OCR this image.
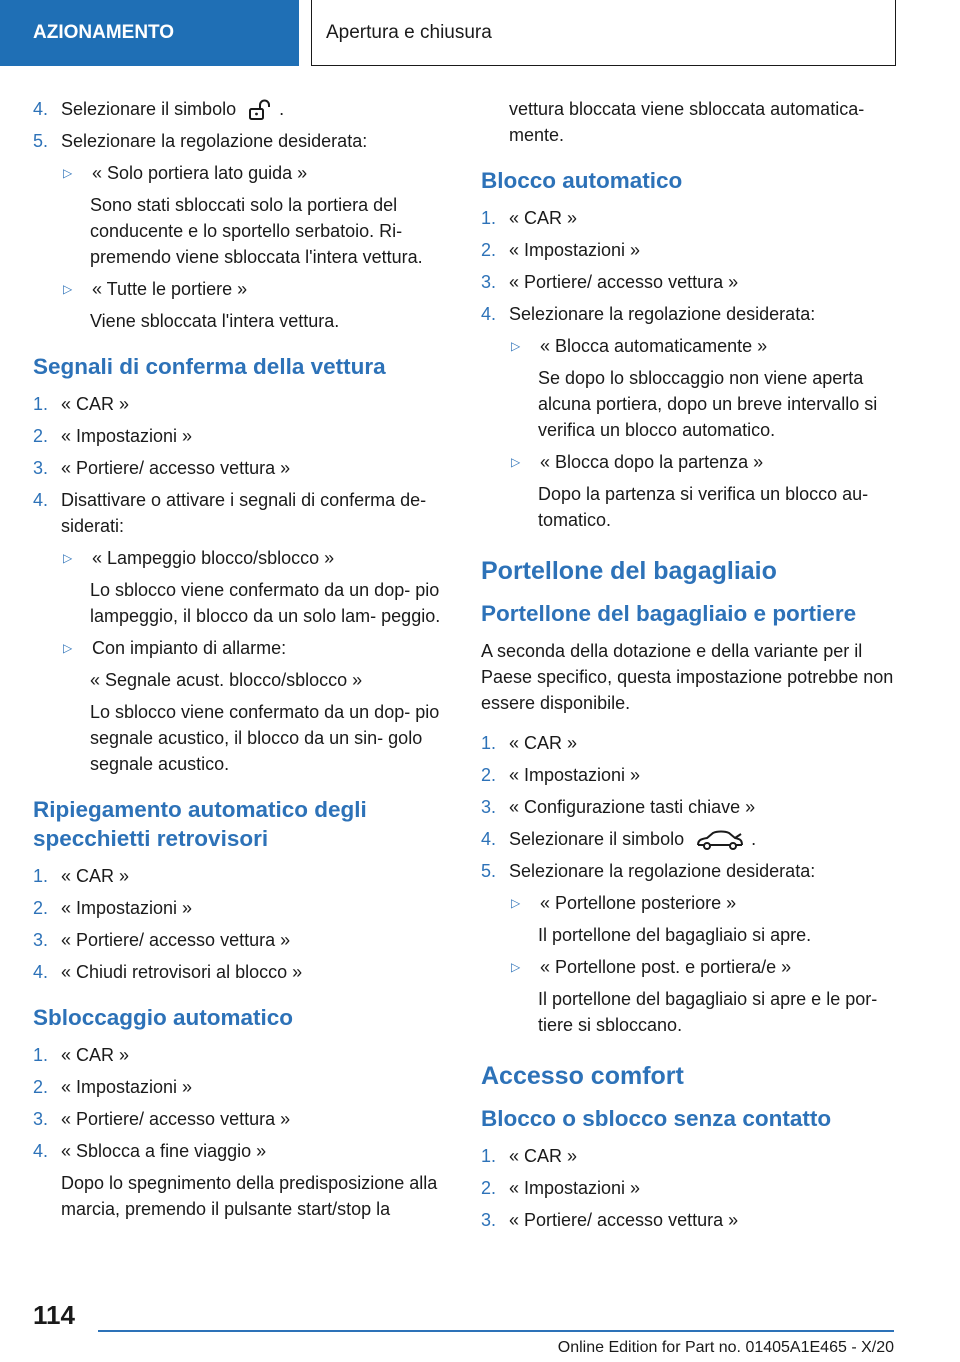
AZIONAMENTO	Apertura e chiusura
4. Selezionare il simbolo .
5. Selezionare la regolazione desiderata:
▷	« Solo portiera lato guida »
Sono stati sbloccati solo la portiera del conducente e lo sportello serbatoio. Ri- premendo viene sbloccata l'intera vettura.
▷	« Tutte le portiere »
Viene sbloccata l'intera vettura.
Segnali di conferma della vettura
1. « CAR »
2. « Impostazioni »
3. « Portiere/ accesso vettura »
4. Disattivare o attivare i segnali di conferma de- siderati:
▷	« Lampeggio blocco/sblocco »
Lo sblocco viene confermato da un dop- pio lampeggio, il blocco da un solo lam- peggio.
▷	Con impianto di allarme:
« Segnale acust. blocco/sblocco »
Lo sblocco viene confermato da un dop- pio segnale acustico, il blocco da un sin- golo segnale acustico.
Ripiegamento automatico degli specchietti retrovisori
1. « CAR »
2. « Impostazioni »
3. « Portiere/ accesso vettura »
4. « Chiudi retrovisori al blocco »
Sbloccaggio automatico
1. « CAR »
2. « Impostazioni »
3. « Portiere/ accesso vettura »
4. « Sblocca a fine viaggio »
Dopo lo spegnimento della predisposizione alla marcia, premendo il pulsante start/stop la
vettura bloccata viene sbloccata automatica- mente.
Blocco automatico
1. « CAR »
2. « Impostazioni »
3. « Portiere/ accesso vettura »
4. Selezionare la regolazione desiderata:
▷	« Blocca automaticamente »
Se dopo lo sbloccaggio non viene aperta alcuna portiera, dopo un breve intervallo si verifica un blocco automatico.
▷	« Blocca dopo la partenza »
Dopo la partenza si verifica un blocco au- tomatico.
Portellone del bagagliaio
Portellone del bagagliaio e portiere
A seconda della dotazione e della variante per il Paese specifico, questa impostazione potrebbe non essere disponibile.
1. « CAR »
2. « Impostazioni »
3. « Configurazione tasti chiave »
4. Selezionare il simbolo	.
5. Selezionare la regolazione desiderata:
▷	« Portellone posteriore »
Il portellone del bagagliaio si apre.
▷	« Portellone post. e portiera/e »
Il portellone del bagagliaio si apre e le por- tiere si sbloccano.
Accesso comfort
Blocco o sblocco senza contatto
1. « CAR »
2. « Impostazioni »
3. « Portiere/ accesso vettura »
114
Online Edition for Part no. 01405A1E465 - X/20
